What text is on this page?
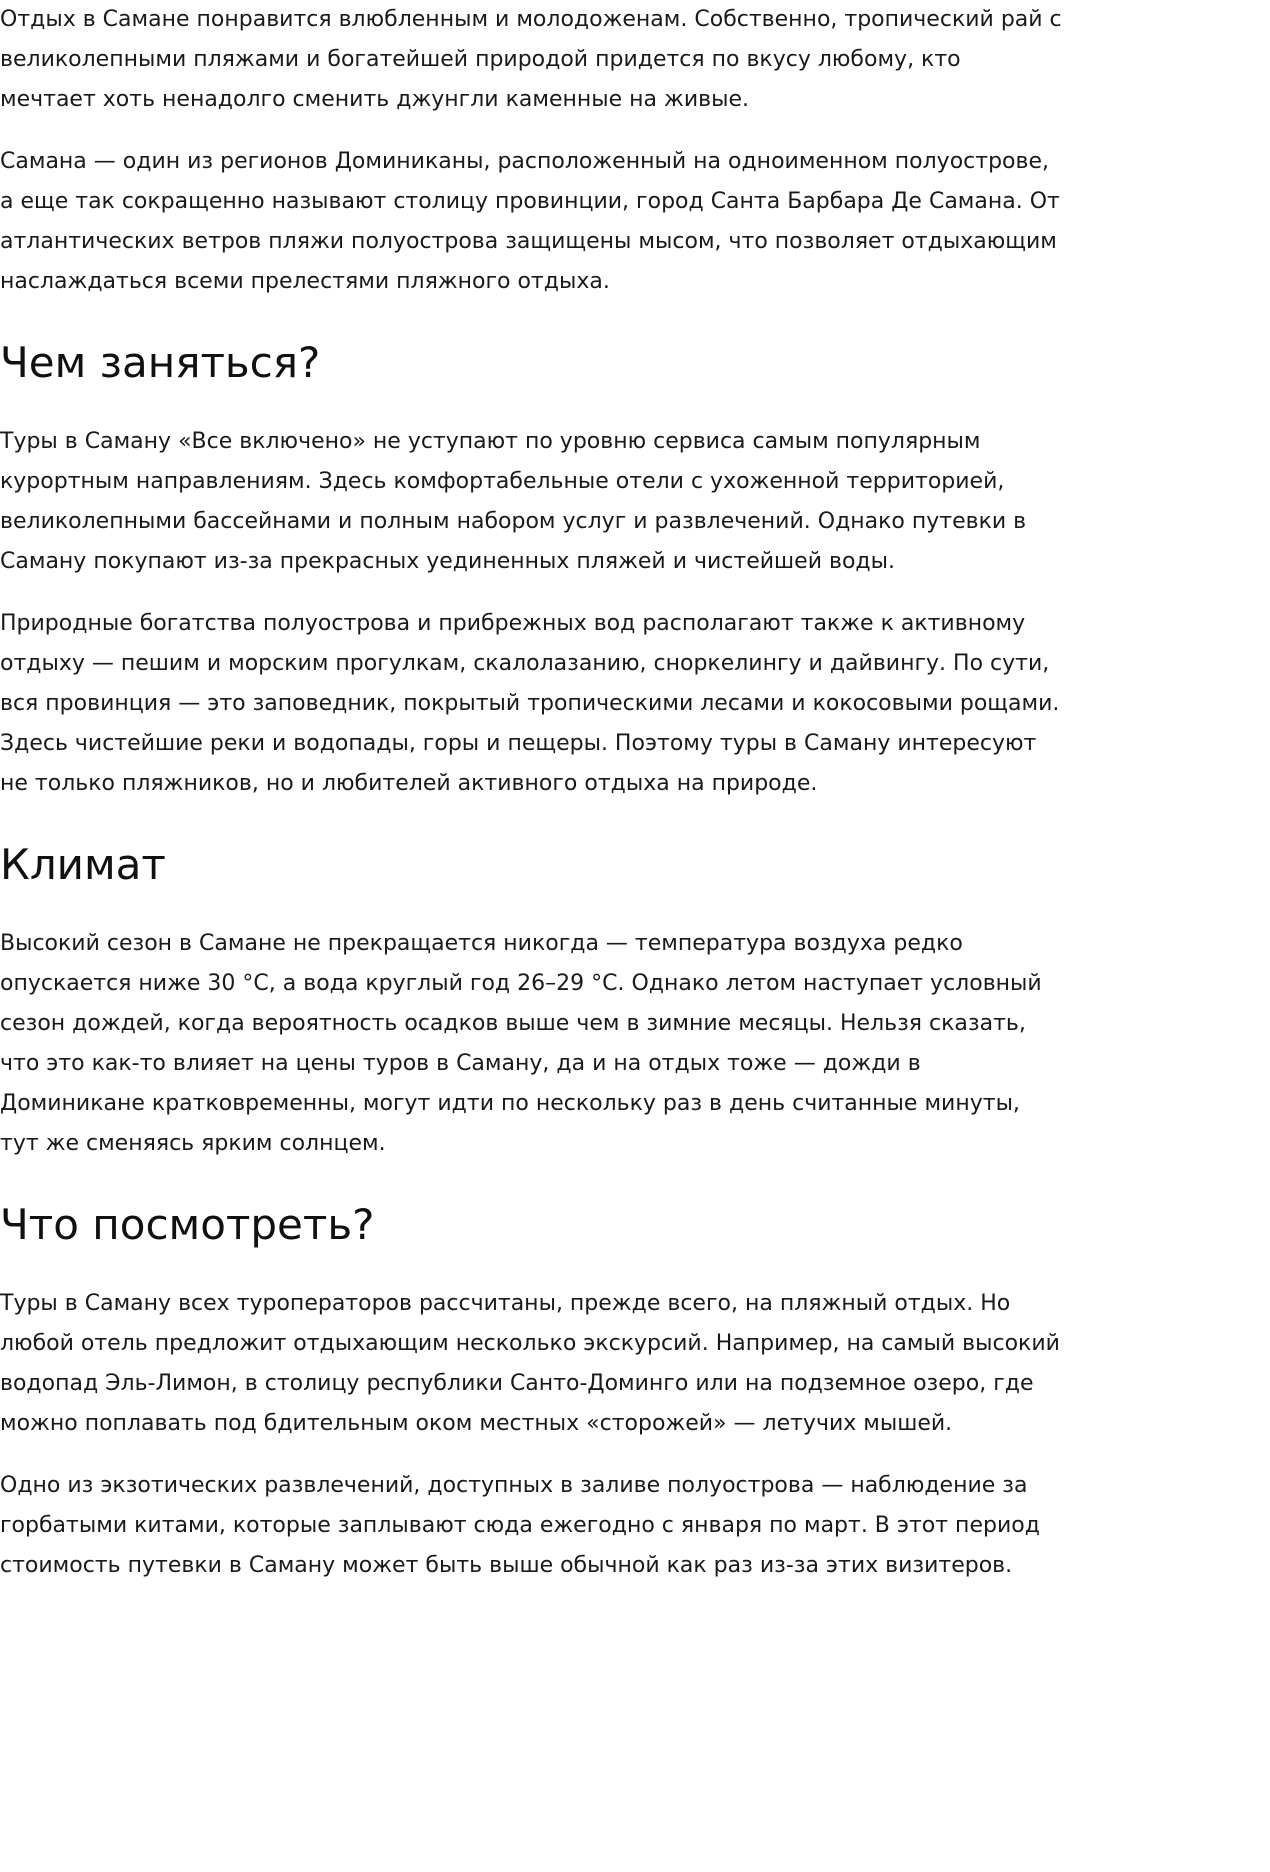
Отдых в Самане понравится влюбленным и молодоженам. Собственно, тропический рай с великолепными пляжами и богатейшей природой придется по вкусу любому, кто мечтает хоть ненадолго сменить джунгли каменные на живые.

Самана — один из регионов Доминиканы, расположенный на одноименном полуострове, а еще так сокращенно называют столицу провинции, город Санта Барбара Де Самана. От атлантических ветров пляжи полуострова защищены мысом, что позволяет отдыхающим наслаждаться всеми прелестями пляжного отдыха.

Чем заняться?

Туры в Саману «Все включено» не уступают по уровню сервиса самым популярным курортным направлениям. Здесь комфортабельные отели с ухоженной территорией, великолепными бассейнами и полным набором услуг и развлечений. Однако путевки в Саману покупают из-за прекрасных уединенных пляжей и чистейшей воды.

Природные богатства полуострова и прибрежных вод располагают также к активному отдыху — пешим и морским прогулкам, скалолазанию, сноркелингу и дайвингу. По сути, вся провинция — это заповедник, покрытый тропическими лесами и кокосовыми рощами. Здесь чистейшие реки и водопады, горы и пещеры. Поэтому туры в Саману интересуют не только пляжников, но и любителей активного отдыха на природе.

Климат

Высокий сезон в Самане не прекращается никогда — температура воздуха редко опускается ниже 30 °C, а вода круглый год 26–29 °C. Однако летом наступает условный сезон дождей, когда вероятность осадков выше чем в зимние месяцы. Нельзя сказать, что это как-то влияет на цены туров в Саману, да и на отдых тоже — дожди в Доминикане кратковременны, могут идти по нескольку раз в день считанные минуты, тут же сменяясь ярким солнцем.

Что посмотреть?

Туры в Саману всех туроператоров рассчитаны, прежде всего, на пляжный отдых. Но любой отель предложит отдыхающим несколько экскурсий. Например, на самый высокий водопад Эль-Лимон, в столицу республики Санто-Доминго или на подземное озеро, где можно поплавать под бдительным оком местных «сторожей» — летучих мышей.

Одно из экзотических развлечений, доступных в заливе полуострова — наблюдение за горбатыми китами, которые заплывают сюда ежегодно с января по март. В этот период стоимость путевки в Саману может быть выше обычной как раз из-за этих визитеров.
